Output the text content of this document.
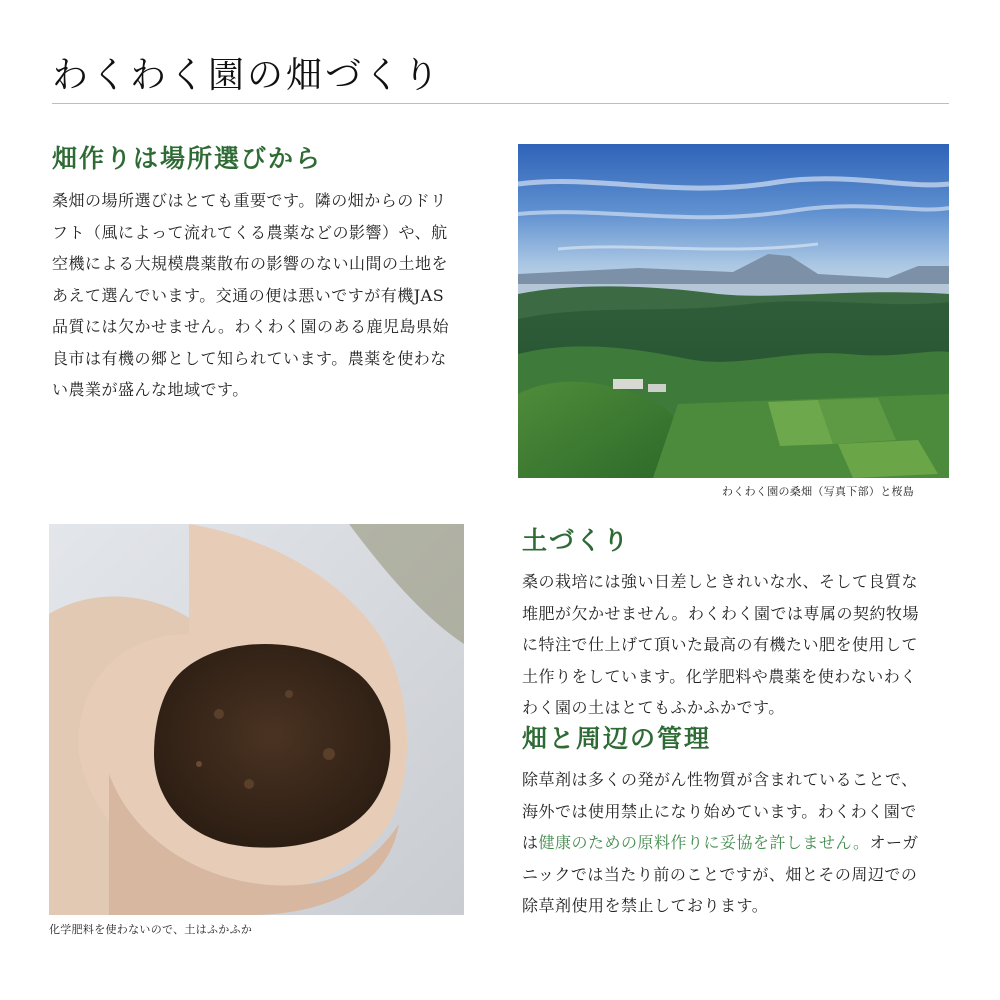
わくわく園の畑づくり
畑作りは場所選びから

桑畑の場所選びはとても重要です。隣の畑からのドリフト（風によって流れてくる農薬などの影響）や、航空機による大規模農薬散布の影響のない山間の土地をあえて選んでいます。交通の便は悪いですが有機JAS品質には欠かせません。わくわく園のある鹿児島県始良市は有機の郷として知られています。農薬を使わない農業が盛んな地域です。

わくわく園の桑畑（写真下部）と桜島

化学肥料を使わないので、土はふかふか

土づくり

桑の栽培には強い日差しときれいな水、そして良質な堆肥が欠かせません。わくわく園では専属の契約牧場に特注で仕上げて頂いた最高の有機たい肥を使用して土作りをしています。化学肥料や農薬を使わないわくわく園の土はとてもふかふかです。

畑と周辺の管理

除草剤は多くの発がん性物質が含まれていることで、海外では使用禁止になり始めています。わくわく園では健康のための原料作りに妥協を許しません。オーガニックでは当たり前のことですが、畑とその周辺での除草剤使用を禁止しております。
